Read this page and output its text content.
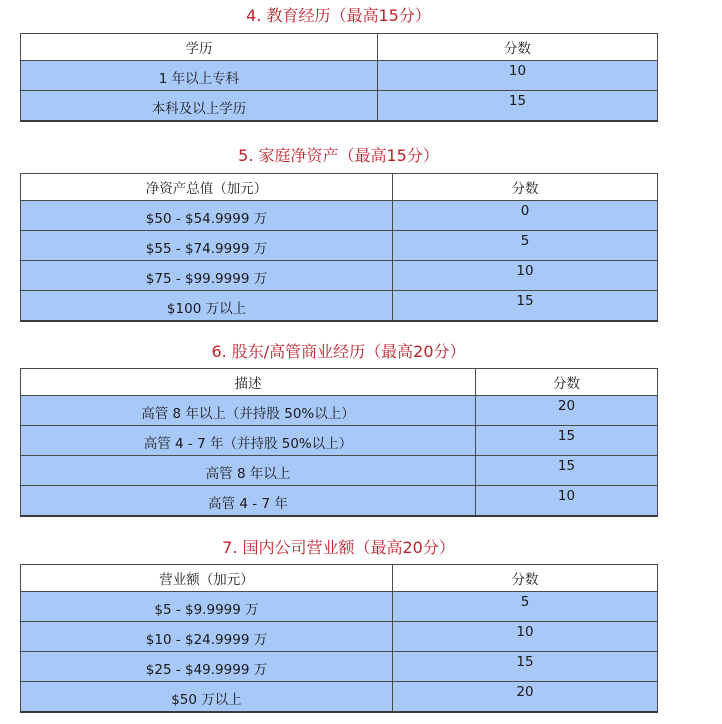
4. 教育经历（最高15分）
学历	分数
1 年以上专科	10
本科及以上学历	15
5. 家庭净资产（最高15分）
净资产总值（加元）	分数
$50 - $54.9999 万	0
$55 - $74.9999 万	5
$75 - $99.9999 万	10
$100 万以上	15
6. 股东/高管商业经历（最高20分）
描述	分数
高管 8 年以上（并持股 50%以上）	20
高管 4 - 7 年（并持股 50%以上）	15
高管 8 年以上	15
高管 4 - 7 年	10
7. 国内公司营业额（最高20分）
营业额（加元）	分数
$5 - $9.9999 万	5
$10 - $24.9999 万	10
$25 - $49.9999 万	15
$50 万以上	20
